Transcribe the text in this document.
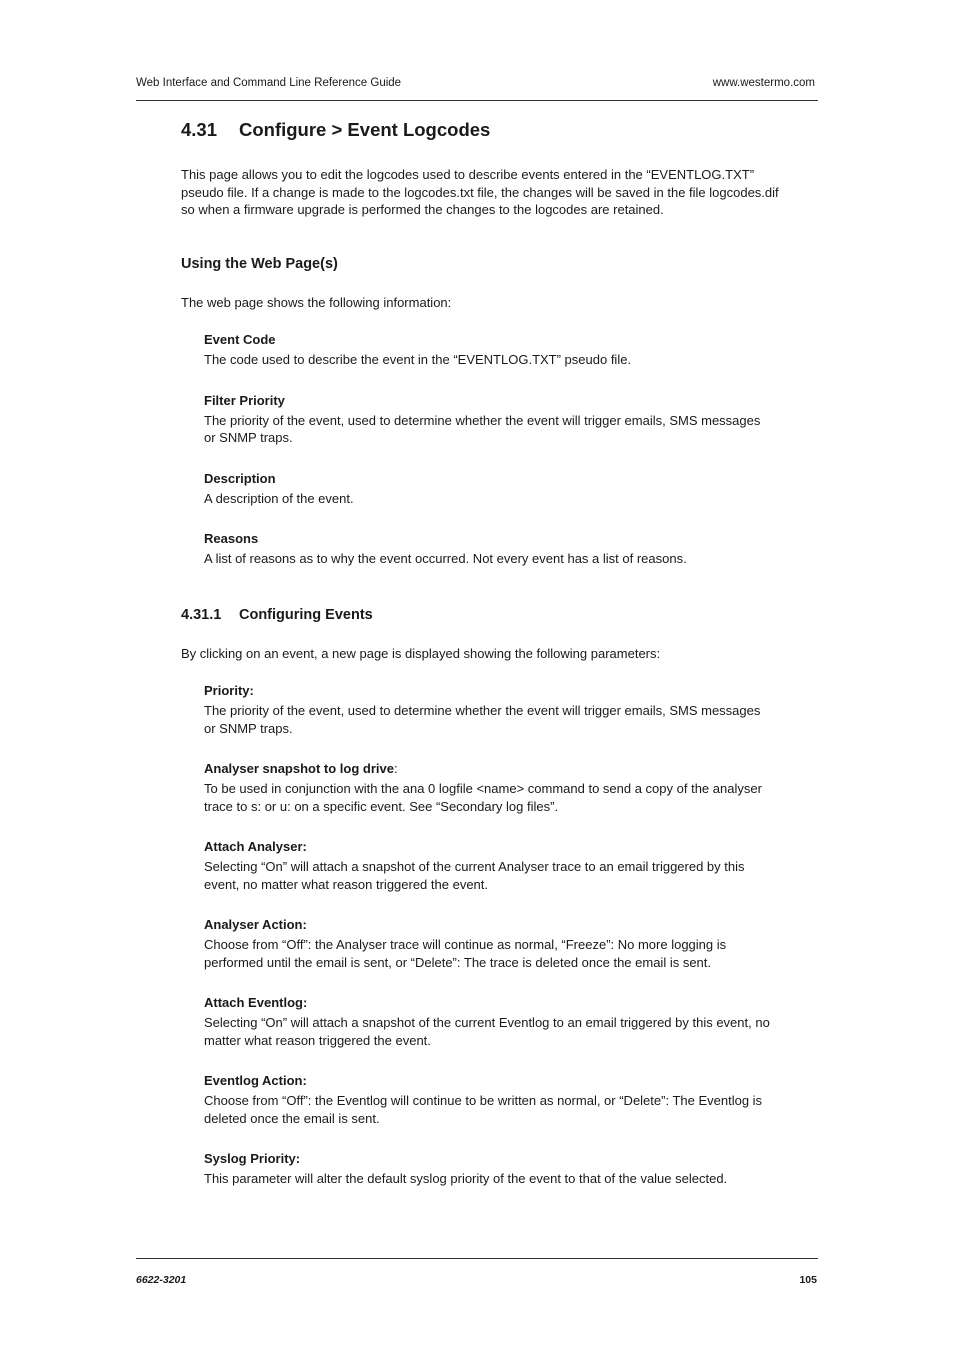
Web Interface and Command Line Reference Guide	www.westermo.com
4.31 Configure > Event Logcodes

This page allows you to edit the logcodes used to describe events entered in the “EVENTLOG.TXT” pseudo file. If a change is made to the logcodes.txt file, the changes will be saved in the file logcodes.dif so when a firmware upgrade is performed the changes to the logcodes are retained.

Using the Web Page(s)

The web page shows the following information:

Event Code
The code used to describe the event in the “EVENTLOG.TXT” pseudo file.
Filter Priority
The priority of the event, used to determine whether the event will trigger emails, SMS messages or SNMP traps.
Description
A description of the event.
Reasons
A list of reasons as to why the event occurred. Not every event has a list of reasons.
4.31.1 Configuring Events

By clicking on an event, a new page is displayed showing the following parameters:

Priority:
The priority of the event, used to determine whether the event will trigger emails, SMS messages or SNMP traps.
Analyser snapshot to log drive:
To be used in conjunction with the ana 0 logfile <name> command to send a copy of the analyser trace to s: or u: on a specific event. See “Secondary log files”.
Attach Analyser:
Selecting “On” will attach a snapshot of the current Analyser trace to an email triggered by this event, no matter what reason triggered the event.
Analyser Action:
Choose from “Off”: the Analyser trace will continue as normal, “Freeze”: No more logging is performed until the email is sent, or “Delete”: The trace is deleted once the email is sent.
Attach Eventlog:
Selecting “On” will attach a snapshot of the current Eventlog to an email triggered by this event, no matter what reason triggered the event.
Eventlog Action:
Choose from “Off”: the Eventlog will continue to be written as normal, or “Delete”: The Eventlog is deleted once the email is sent.
Syslog Priority:
This parameter will alter the default syslog priority of the event to that of the value selected.
6622-3201	105
